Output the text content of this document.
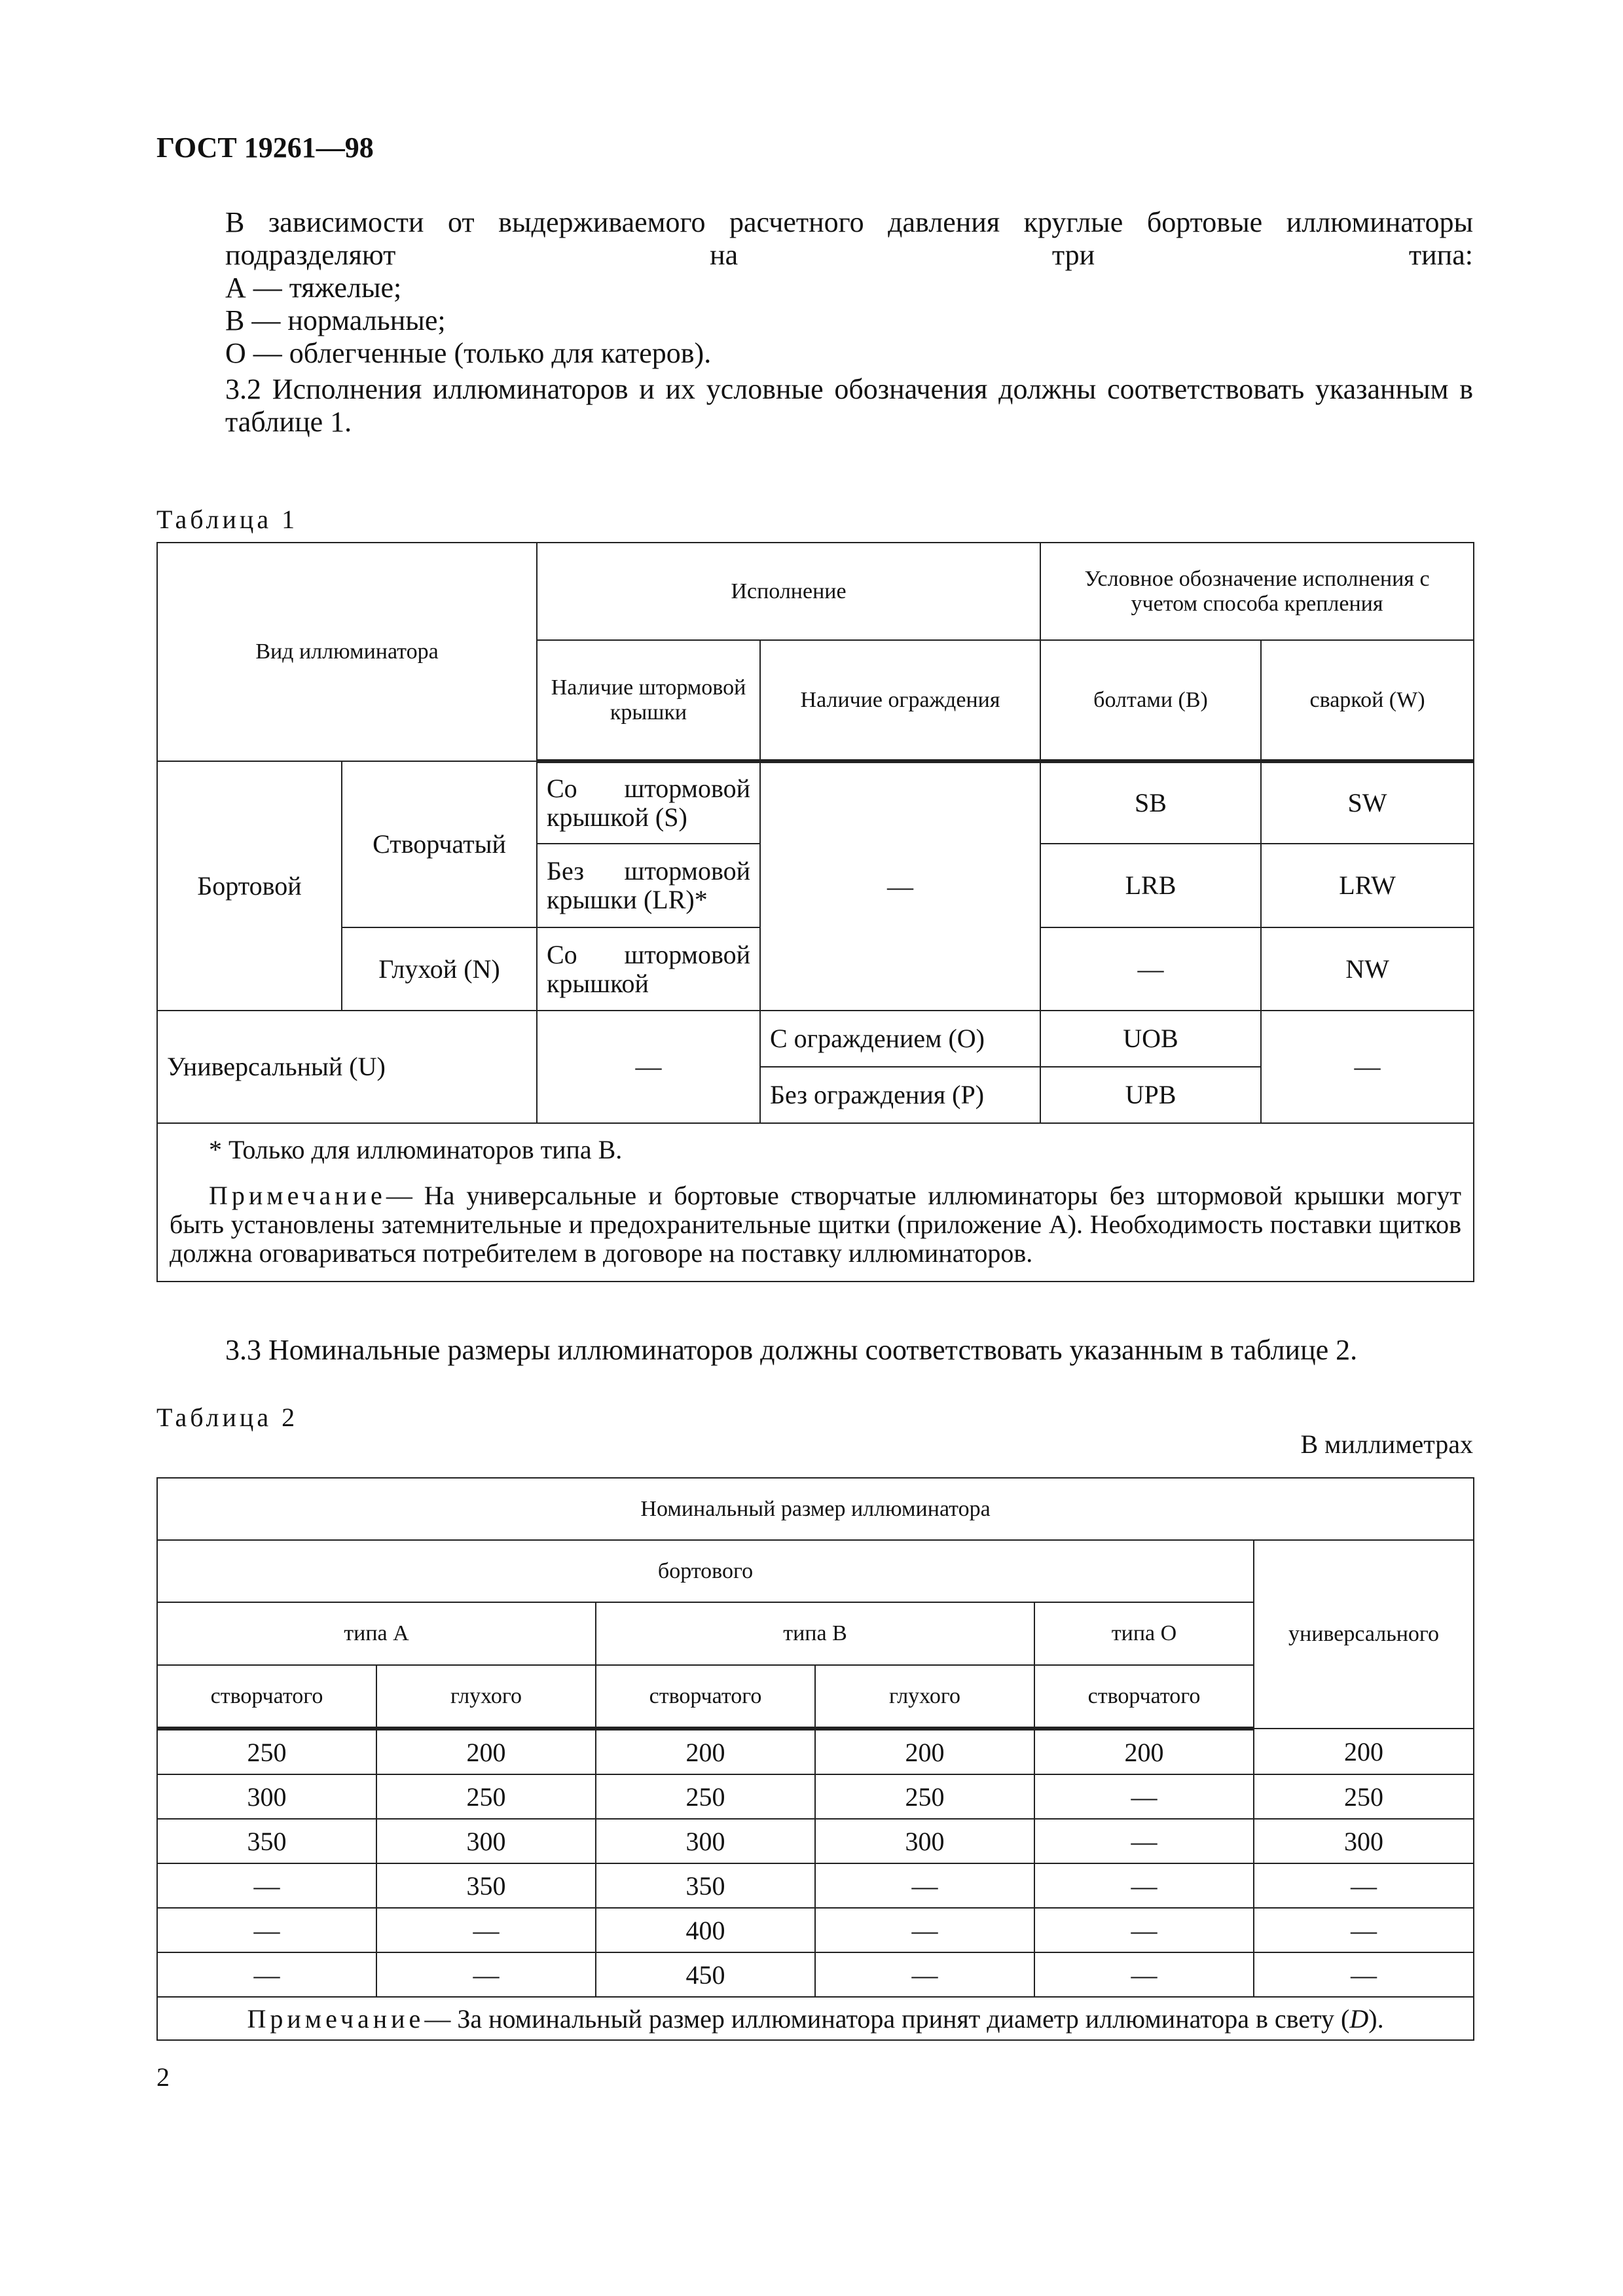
ГОСТ 19261—98
В зависимости от выдерживаемого расчетного давления круглые бортовые иллюминаторы подразделяют на три типа:
А — тяжелые;
В — нормальные;
О — облегченные (только для катеров).
3.2 Исполнения иллюминаторов и их условные обозначения должны соответствовать указанным в таблице 1.
Таблица 1
Вид иллюминатора		Исполнение		Условное обозначение исполнения с учетом способа крепления	
		Наличие штормовой крышки	Наличие ограждения	болтами (B)	сваркой (W)
Бортовой	Створчатый	Со штормовой крышкой (S)	—	SB	SW
		Без штормовой крышки (LR)*		LRB	LRW
	Глухой (N)	Со штормовой крышкой		—	NW
Универсальный (U)		—	С ограждением (O)	UOB	—
			Без ограждения (P)	UPB	

* Только для иллюминаторов типа B.
Примечание— На универсальные и бортовые створчатые иллюминаторы без штормовой крышки могут быть установлены затемнительные и предохранительные щитки (приложение А). Необходимость поставки щитков должна оговариваться потребителем в договоре на поставку иллюминаторов.					
3.3 Номинальные размеры иллюминаторов должны соответствовать указанным в таблице 2.
Таблица 2
В миллиметрах
Номинальный размер иллюминатора					
бортового					универсального
типа А		типа В		типа О	
створчатого	глухого	створчатого	глухого	створчатого	
250	200	200	200	200	200
300	250	250	250	—	250
350	300	300	300	—	300
—	350	350	—	—	—
—	—	400	—	—	—
—	—	450	—	—	—
Примечание— За номинальный размер иллюминатора принят диаметр иллюминатора в свету (D).					
2
